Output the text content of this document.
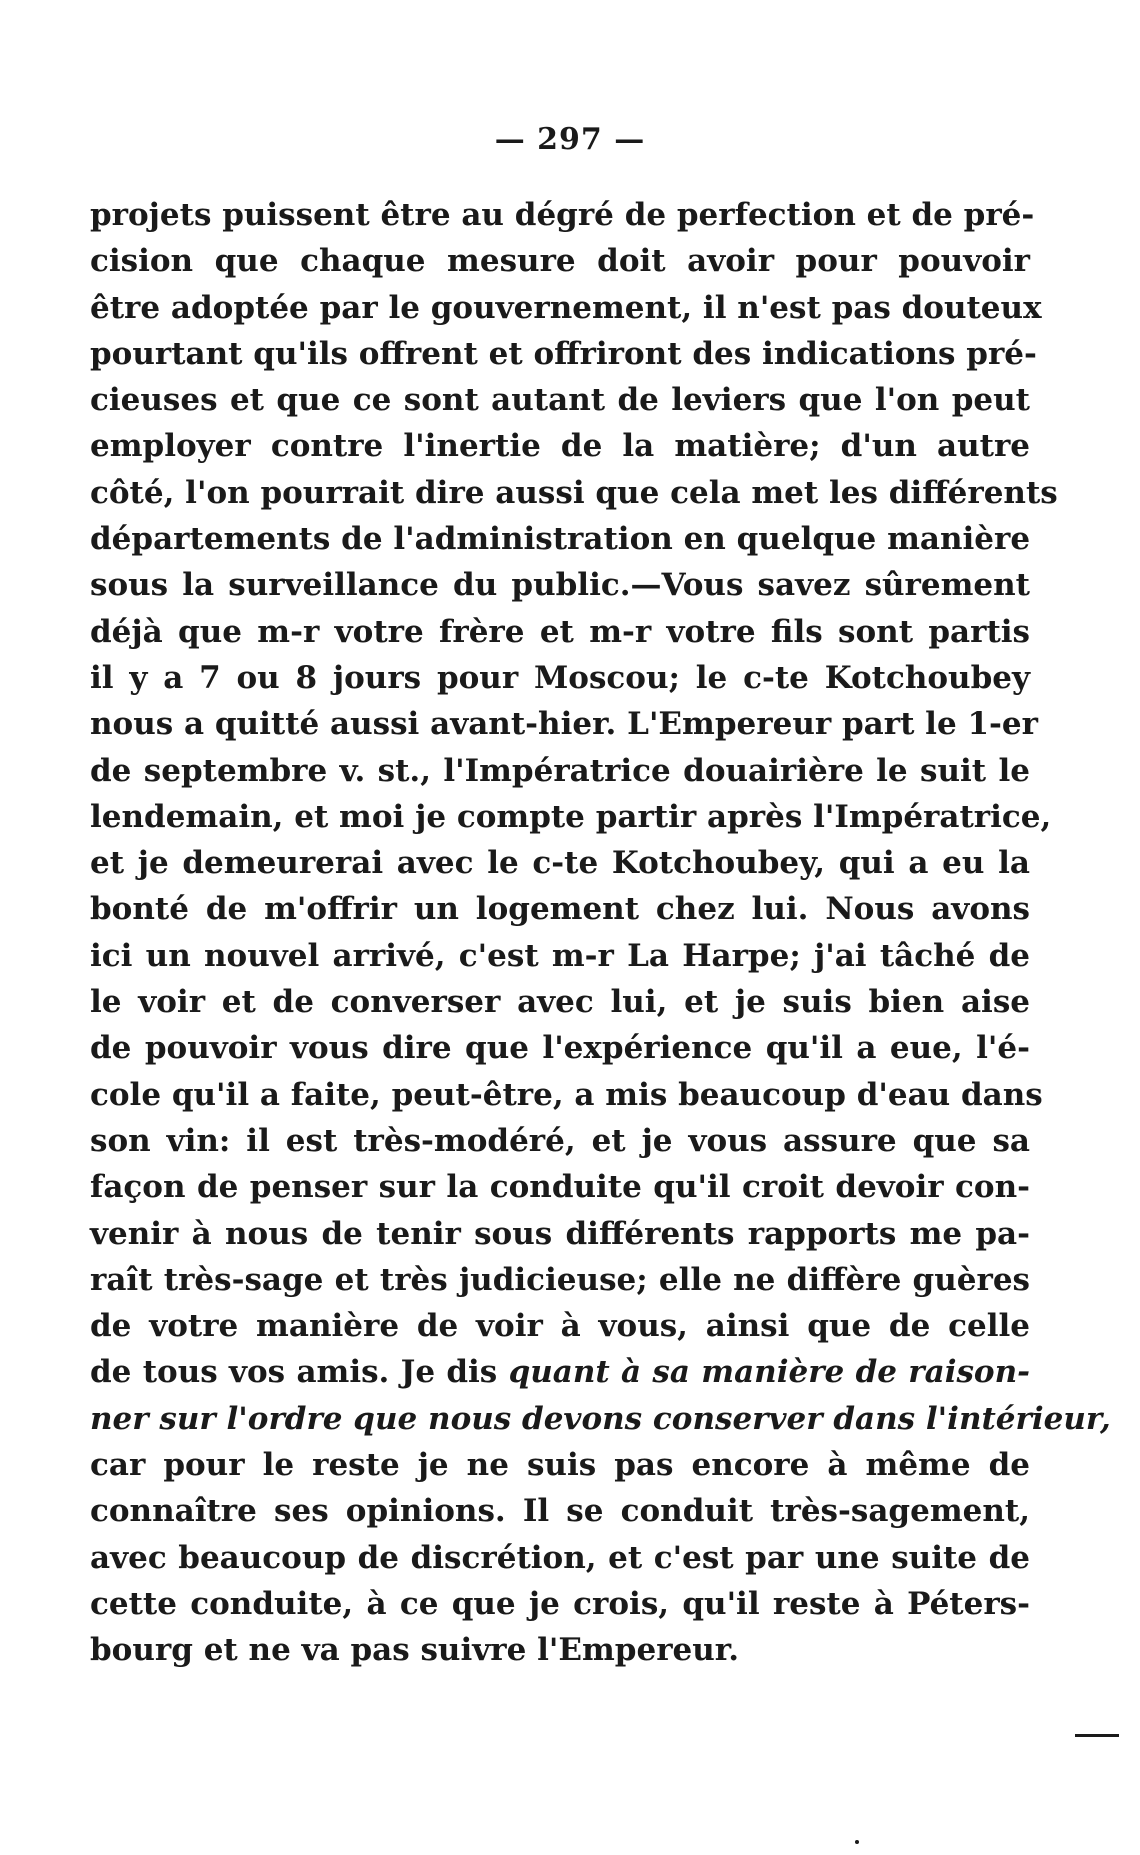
— 297 —
projets puissent être au dégré de perfection et de pré-
cision que chaque mesure doit avoir pour pouvoir
être adoptée par le gouvernement, il n'est pas douteux
pourtant qu'ils offrent et offriront des indications pré-
cieuses et que ce sont autant de leviers que l'on peut
employer contre l'inertie de la matière; d'un autre
côté, l'on pourrait dire aussi que cela met les différents
départements de l'administration en quelque manière
sous la surveillance du public.—Vous savez sûrement
déjà que m-r votre frère et m-r votre fils sont partis
il y a 7 ou 8 jours pour Moscou; le c-te Kotchoubey
nous a quitté aussi avant-hier. L'Empereur part le 1-er
de septembre v. st., l'Impératrice douairière le suit le
lendemain, et moi je compte partir après l'Impératrice,
et je demeurerai avec le c-te Kotchoubey, qui a eu la
bonté de m'offrir un logement chez lui. Nous avons
ici un nouvel arrivé, c'est m-r La Harpe; j'ai tâché de
le voir et de converser avec lui, et je suis bien aise
de pouvoir vous dire que l'expérience qu'il a eue, l'é-
cole qu'il a faite, peut-être, a mis beaucoup d'eau dans
son vin: il est très-modéré, et je vous assure que sa
façon de penser sur la conduite qu'il croit devoir con-
venir à nous de tenir sous différents rapports me pa-
raît très-sage et très judicieuse; elle ne diffère guères
de votre manière de voir à vous, ainsi que de celle
de tous vos amis. Je dis quant à sa manière de raison-
ner sur l'ordre que nous devons conserver dans l'intérieur,
car pour le reste je ne suis pas encore à même de
connaître ses opinions. Il se conduit très-sagement,
avec beaucoup de discrétion, et c'est par une suite de
cette conduite, à ce que je crois, qu'il reste à Péters-
bourg et ne va pas suivre l'Empereur.
